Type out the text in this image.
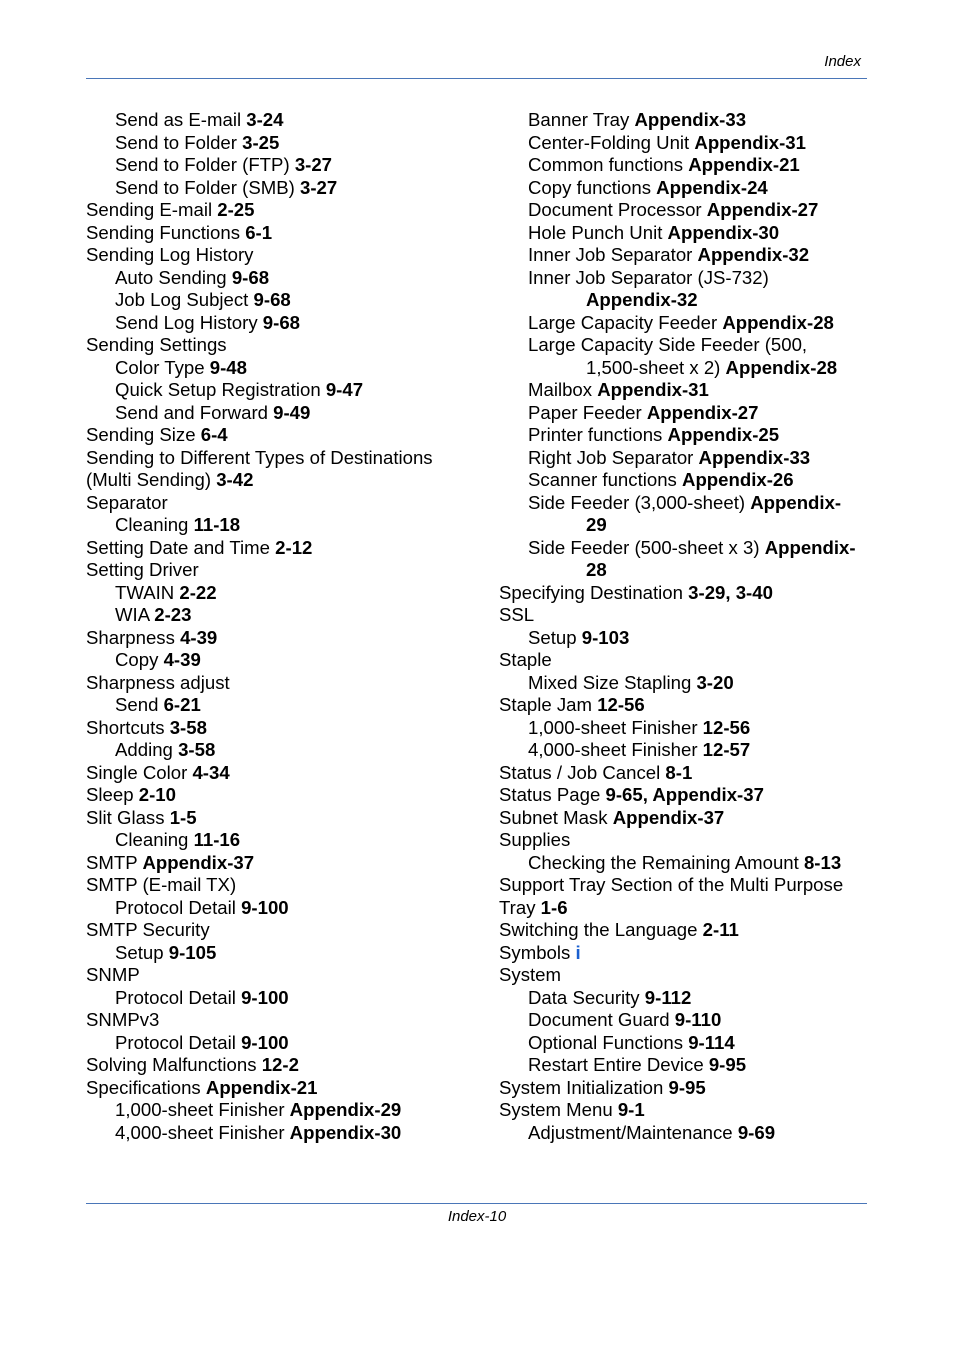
Index
Send as E-mail 3-24
Send to Folder 3-25
Send to Folder (FTP) 3-27
Send to Folder (SMB) 3-27
Sending E-mail 2-25
Sending Functions 6-1
Sending Log History
Auto Sending 9-68
Job Log Subject 9-68
Send Log History 9-68
Sending Settings
Color Type 9-48
Quick Setup Registration 9-47
Send and Forward 9-49
Sending Size 6-4
Sending to Different Types of Destinations
(Multi Sending) 3-42
Separator
Cleaning 11-18
Setting Date and Time 2-12
Setting Driver
TWAIN 2-22
WIA 2-23
Sharpness 4-39
Copy 4-39
Sharpness adjust
Send 6-21
Shortcuts 3-58
Adding 3-58
Single Color 4-34
Sleep 2-10
Slit Glass 1-5
Cleaning 11-16
SMTP Appendix-37
SMTP (E-mail TX)
Protocol Detail 9-100
SMTP Security
Setup 9-105
SNMP
Protocol Detail 9-100
SNMPv3
Protocol Detail 9-100
Solving Malfunctions 12-2
Specifications Appendix-21
1,000-sheet Finisher Appendix-29
4,000-sheet Finisher Appendix-30
Banner Tray Appendix-33
Center-Folding Unit Appendix-31
Common functions Appendix-21
Copy functions Appendix-24
Document Processor Appendix-27
Hole Punch Unit Appendix-30
Inner Job Separator Appendix-32
Inner Job Separator (JS-732)
Appendix-32
Large Capacity Feeder Appendix-28
Large Capacity Side Feeder (500,
1,500-sheet x 2) Appendix-28
Mailbox Appendix-31
Paper Feeder Appendix-27
Printer functions Appendix-25
Right Job Separator Appendix-33
Scanner functions Appendix-26
Side Feeder (3,000-sheet) Appendix-
29
Side Feeder (500-sheet x 3) Appendix-
28
Specifying Destination 3-29, 3-40
SSL
Setup 9-103
Staple
Mixed Size Stapling 3-20
Staple Jam 12-56
1,000-sheet Finisher 12-56
4,000-sheet Finisher 12-57
Status / Job Cancel 8-1
Status Page 9-65, Appendix-37
Subnet Mask Appendix-37
Supplies
Checking the Remaining Amount 8-13
Support Tray Section of the Multi Purpose
Tray 1-6
Switching the Language 2-11
Symbols i
System
Data Security 9-112
Document Guard 9-110
Optional Functions 9-114
Restart Entire Device 9-95
System Initialization 9-95
System Menu 9-1
Adjustment/Maintenance 9-69
Index-10
